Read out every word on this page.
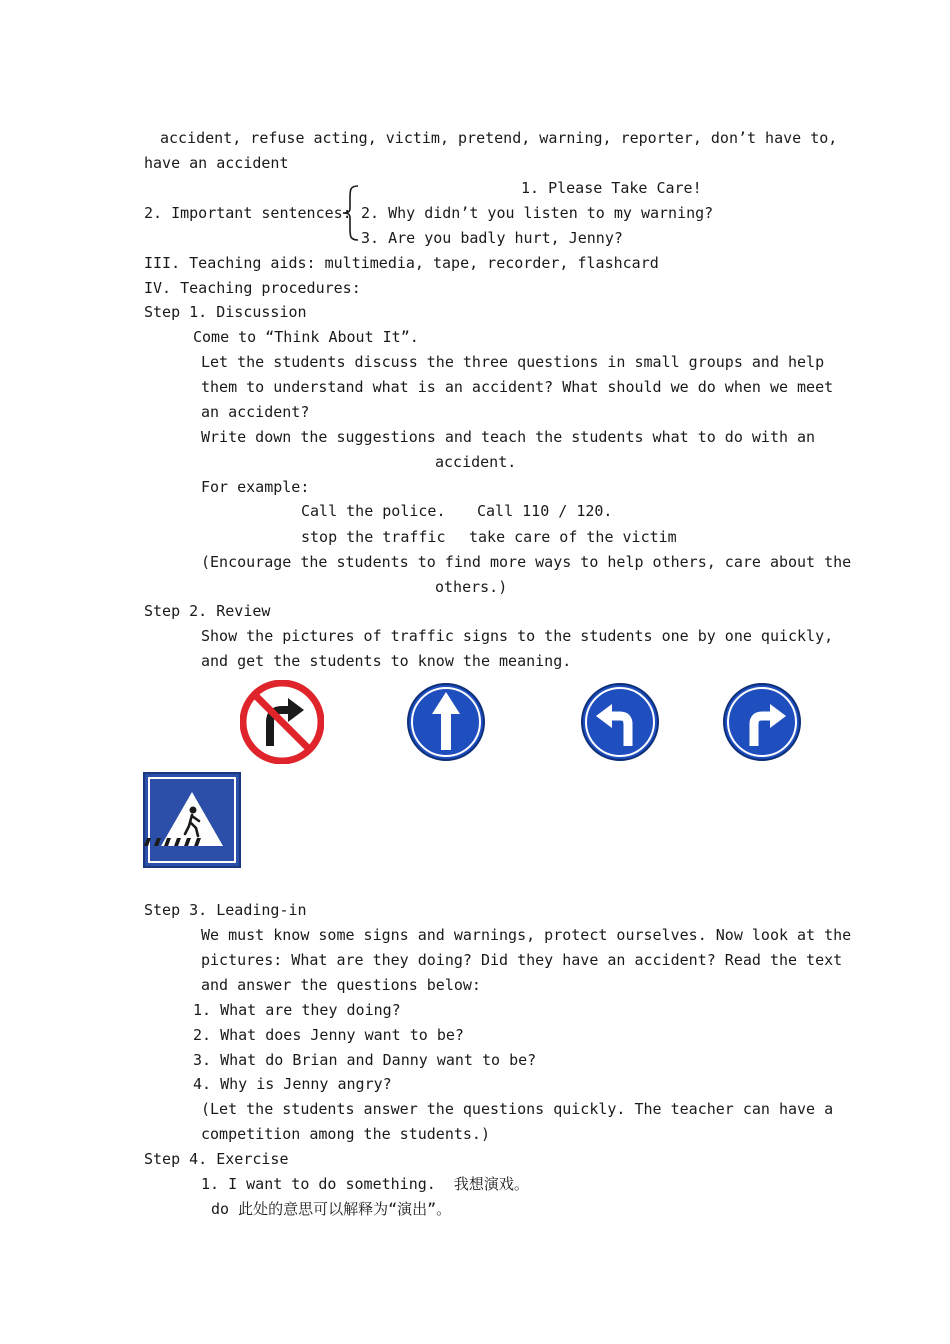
accident, refuse acting, victim, pretend, warning, reporter, don’t have to,
have an accident
2. Important sentences:
1. Please Take Care!
2. Why didn’t you listen to my warning?
3. Are you badly hurt, Jenny?
III. Teaching aids: multimedia, tape, recorder, flashcard
IV. Teaching procedures:
Step 1. Discussion
Come to “Think About It”.
Let the students discuss the three questions in small groups and help
them to understand what is an accident? What should we do when we meet
an accident?
Write down the suggestions and teach the students what to do with an
accident.
For example:
Call the police. Call 110 / 120.
stop the traffic take care of the victim
(Encourage the students to find more ways to help others, care about the
others.)
Step 2. Review
Show the pictures of traffic signs to the students one by one quickly,
and get the students to know the meaning.
Step 3. Leading-in
We must know some signs and warnings, protect ourselves. Now look at the
pictures: What are they doing? Did they have an accident? Read the text
and answer the questions below:
1. What are they doing?
2. What does Jenny want to be?
3. What do Brian and Danny want to be?
4. Why is Jenny angry?
(Let the students answer the questions quickly. The teacher can have a
competition among the students.)
Step 4. Exercise
1. I want to do something.  我想演戏。
do 此处的意思可以解释为“演出”。
